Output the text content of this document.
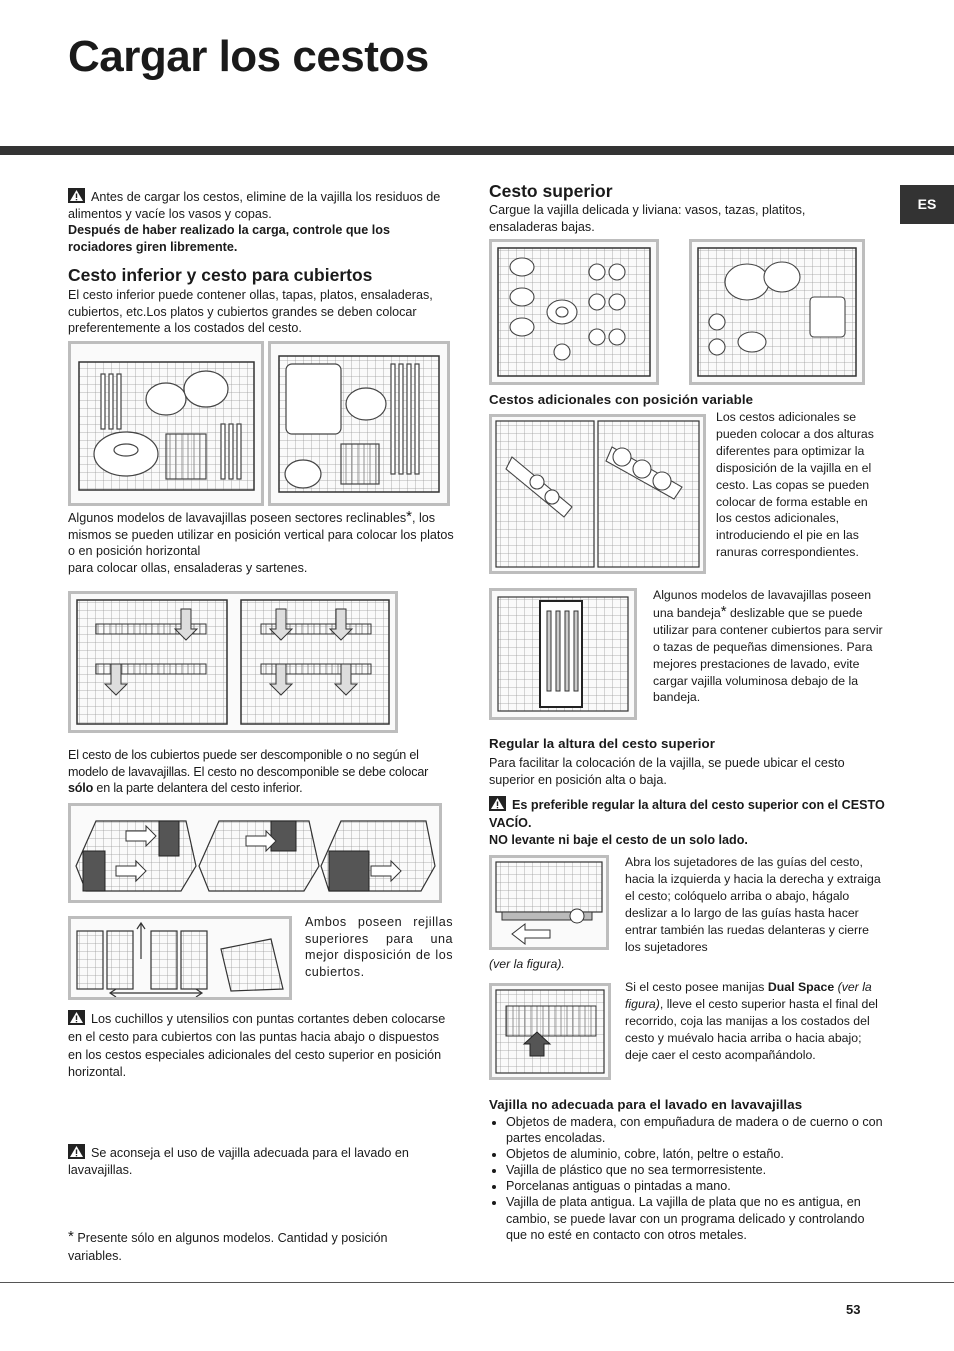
Cargar los cestos
ES
Antes de cargar los cestos, elimine de la vajilla los residuos de alimentos y vacíe los vasos y copas.
Después de haber realizado la carga, controle que los rociadores giren libremente.
Cesto inferior y cesto para cubiertos
El cesto inferior puede contener ollas, tapas, platos, ensaladeras, cubiertos, etc.Los platos y cubiertos grandes se deben colocar preferentemente a los costados del cesto.
Algunos modelos de lavavajillas poseen sectores reclinables*, los mismos se pueden utilizar en posición vertical para colocar los platos o en posición horizontal
para colocar ollas, ensaladeras y sartenes.
El cesto de los cubiertos puede ser descomponible o no según el modelo de lavavajillas. El cesto no descomponible se debe colocar sólo en la parte delantera del cesto inferior.
Ambos poseen rejillas superiores para una mejor disposición de los cubiertos.
Los cuchillos y utensilios con puntas cortantes deben colocarse en el cesto para cubiertos con las puntas hacia abajo o dispuestos en los cestos especiales adicionales del cesto superior en posición horizontal.
Se aconseja el uso de vajilla adecuada para el lavado en lavavajillas.
* Presente sólo en algunos modelos. Cantidad y posición variables.
Cesto superior
Cargue la vajilla delicada y liviana: vasos, tazas, platitos, ensaladeras bajas.
Cestos adicionales con posición variable
Los cestos adicionales se pueden colocar a dos alturas diferentes para optimizar la disposición de la vajilla en el cesto. Las copas se pueden colocar de forma estable en los cestos adicionales, introduciendo el pie en las ranuras correspondientes.
Algunos modelos de lavavajillas poseen una bandeja* deslizable que se puede utilizar para contener cubiertos para servir o tazas de pequeñas dimensiones. Para mejores prestaciones de lavado, evite cargar vajilla voluminosa debajo de la bandeja.
Regular la altura del cesto superior
Para facilitar la colocación de la vajilla, se puede ubicar el cesto superior en posición alta o baja.
Es preferible regular la altura del cesto superior con el CESTO VACÍO.
NO levante ni baje el cesto de un solo lado.
Abra los sujetadores de las guías del cesto, hacia la izquierda y hacia la derecha y extraiga el cesto; colóquelo arriba o abajo, hágalo deslizar a lo largo de las guías hasta hacer entrar también las ruedas delanteras y cierre los sujetadores
(ver la figura).
Si el cesto posee manijas Dual Space (ver la figura), lleve el cesto superior hasta el final del recorrido, coja las manijas a los costados del cesto y muévalo hacia arriba o hacia abajo; deje caer el cesto acompañándolo.
Vajilla no adecuada para el lavado en lavavajillas
• Objetos de madera, con empuñadura de madera o de cuerno o con partes encoladas.
• Objetos de aluminio, cobre, latón, peltre o estaño.
• Vajilla de plástico que no sea termorresistente.
• Porcelanas antiguas o pintadas a mano.
• Vajilla de plata antigua. La vajilla de plata que no es antigua, en cambio, se puede lavar con un programa delicado y controlando que no esté en contacto con otros metales.
53
